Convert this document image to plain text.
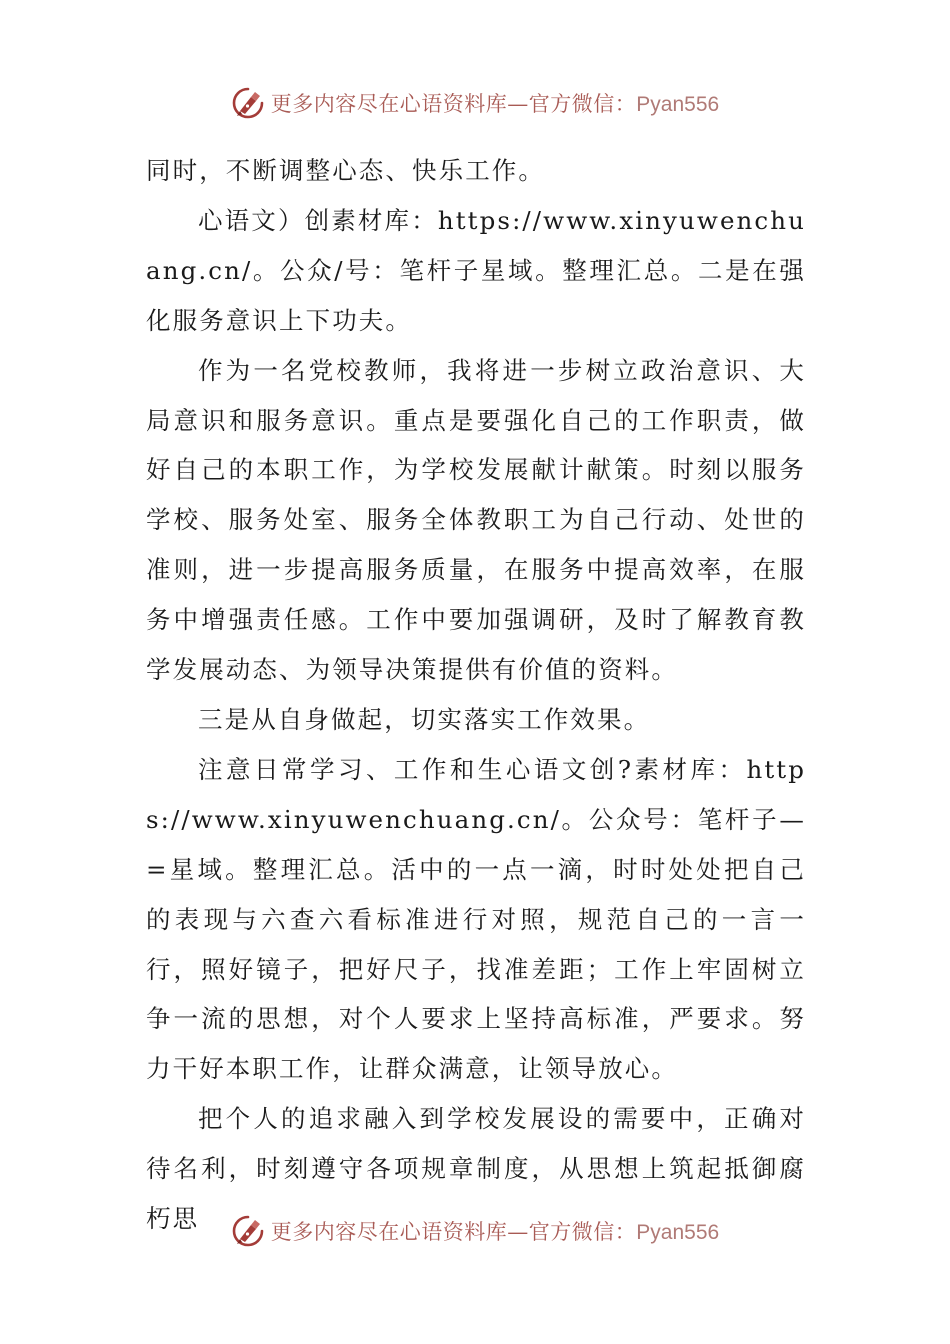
更多内容尽在心语资料库—官方微信：Pyan556

同时，不断调整心态、快乐工作。

心语文）创素材库：https://www.xinyuwenchuang.cn/。公众/号：笔杆子星域。整理汇总。二是在强化服务意识上下功夫。

作为一名党校教师，我将进一步树立政治意识、大局意识和服务意识。重点是要强化自己的工作职责，做好自己的本职工作，为学校发展献计献策。时刻以服务学校、服务处室、服务全体教职工为自己行动、处世的准则，进一步提高服务质量，在服务中提高效率，在服务中增强责任感。工作中要加强调研，及时了解教育教学发展动态、为领导决策提供有价值的资料。

三是从自身做起，切实落实工作效果。

注意日常学习、工作和生心语文创?素材库：https://www.xinyuwenchuang.cn/。公众号：笔杆子—=星域。整理汇总。活中的一点一滴，时时处处把自己的表现与六查六看标准进行对照，规范自己的一言一行，照好镜子，把好尺子，找准差距；工作上牢固树立争一流的思想，对个人要求上坚持高标准，严要求。努力干好本职工作，让群众满意，让领导放心。

把个人的追求融入到学校发展设的需要中，正确对待名利，时刻遵守各项规章制度，从思想上筑起抵御腐朽思	更多内容尽在心语资料库—官方微信：Pyan556
